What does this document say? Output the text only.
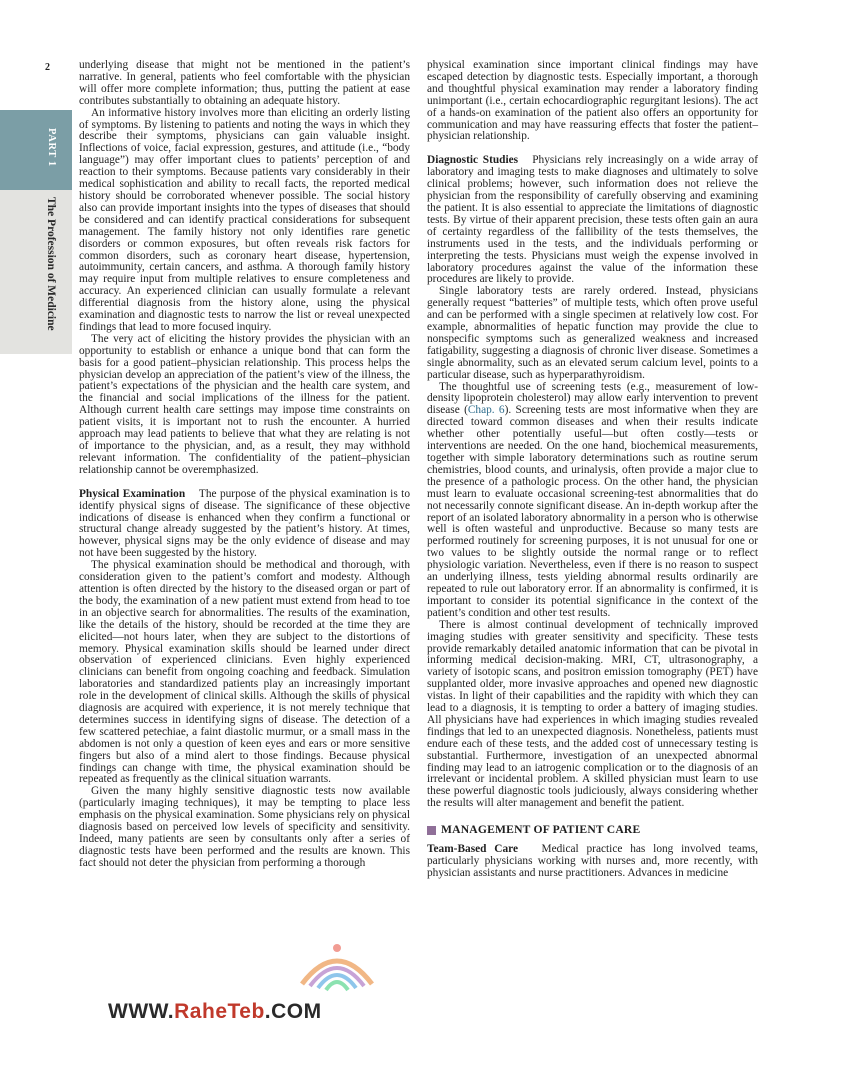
2
PART 1
The Profession of Medicine

underlying disease that might not be mentioned in the patient’s narrative. In general, patients who feel comfortable with the physician will offer more complete information; thus, putting the patient at ease contributes substantially to obtaining an adequate history.

An informative history involves more than eliciting an orderly listing of symptoms. By listening to patients and noting the ways in which they describe their symptoms, physicians can gain valuable insight. Inflections of voice, facial expression, gestures, and attitude (i.e., “body language”) may offer important clues to patients’ perception of and reaction to their symptoms. Because patients vary considerably in their medical sophistication and ability to recall facts, the reported medical history should be corroborated whenever possible. The social history also can provide important insights into the types of diseases that should be considered and can identify practical considerations for subsequent management. The family history not only identifies rare genetic disorders or common exposures, but often reveals risk factors for common disorders, such as coronary heart disease, hypertension, autoimmunity, certain cancers, and asthma. A thorough family history may require input from multiple relatives to ensure completeness and accuracy. An experienced clinician can usually formulate a relevant differential diagnosis from the history alone, using the physical examination and diagnostic tests to narrow the list or reveal unexpected findings that lead to more focused inquiry.

The very act of eliciting the history provides the physician with an opportunity to establish or enhance a unique bond that can form the basis for a good patient–physician relationship. This process helps the physician develop an appreciation of the patient’s view of the illness, the patient’s expectations of the physician and the health care system, and the financial and social implications of the illness for the patient. Although current health care settings may impose time constraints on patient visits, it is important not to rush the encounter. A hurried approach may lead patients to believe that what they are relating is not of importance to the physician, and, as a result, they may withhold relevant information. The confidentiality of the patient–physician relationship cannot be overemphasized.

Physical Examination The purpose of the physical examination is to identify physical signs of disease. The significance of these objective indications of disease is enhanced when they confirm a functional or structural change already suggested by the patient’s history. At times, however, physical signs may be the only evidence of disease and may not have been suggested by the history.

The physical examination should be methodical and thorough, with consideration given to the patient’s comfort and modesty. Although attention is often directed by the history to the diseased organ or part of the body, the examination of a new patient must extend from head to toe in an objective search for abnormalities. The results of the examination, like the details of the history, should be recorded at the time they are elicited—not hours later, when they are subject to the distortions of memory. Physical examination skills should be learned under direct observation of experienced clinicians. Even highly experienced clinicians can benefit from ongoing coaching and feedback. Simulation laboratories and standardized patients play an increasingly important role in the development of clinical skills. Although the skills of physical diagnosis are acquired with experience, it is not merely technique that determines success in identifying signs of disease. The detection of a few scattered petechiae, a faint diastolic murmur, or a small mass in the abdomen is not only a question of keen eyes and ears or more sensitive fingers but also of a mind alert to those findings. Because physical findings can change with time, the physical examination should be repeated as frequently as the clinical situation warrants.

Given the many highly sensitive diagnostic tests now available (particularly imaging techniques), it may be tempting to place less emphasis on the physical examination. Some physicians rely on physical diagnosis based on perceived low levels of specificity and sensitivity. Indeed, many patients are seen by consultants only after a series of diagnostic tests have been performed and the results are known. This fact should not deter the physician from performing a thorough

physical examination since important clinical findings may have escaped detection by diagnostic tests. Especially important, a thorough and thoughtful physical examination may render a laboratory finding unimportant (i.e., certain echocardiographic regurgitant lesions). The act of a hands-on examination of the patient also offers an opportunity for communication and may have reassuring effects that foster the patient–physician relationship.

Diagnostic Studies Physicians rely increasingly on a wide array of laboratory and imaging tests to make diagnoses and ultimately to solve clinical problems; however, such information does not relieve the physician from the responsibility of carefully observing and examining the patient. It is also essential to appreciate the limitations of diagnostic tests. By virtue of their apparent precision, these tests often gain an aura of certainty regardless of the fallibility of the tests themselves, the instruments used in the tests, and the individuals performing or interpreting the tests. Physicians must weigh the expense involved in laboratory procedures against the value of the information these procedures are likely to provide.

Single laboratory tests are rarely ordered. Instead, physicians generally request “batteries” of multiple tests, which often prove useful and can be performed with a single specimen at relatively low cost. For example, abnormalities of hepatic function may provide the clue to nonspecific symptoms such as generalized weakness and increased fatigability, suggesting a diagnosis of chronic liver disease. Sometimes a single abnormality, such as an elevated serum calcium level, points to a particular disease, such as hyperparathyroidism.

The thoughtful use of screening tests (e.g., measurement of low-density lipoprotein cholesterol) may allow early intervention to prevent disease (Chap. 6). Screening tests are most informative when they are directed toward common diseases and when their results indicate whether other potentially useful—but often costly—tests or interventions are needed. On the one hand, biochemical measurements, together with simple laboratory determinations such as routine serum chemistries, blood counts, and urinalysis, often provide a major clue to the presence of a pathologic process. On the other hand, the physician must learn to evaluate occasional screening-test abnormalities that do not necessarily connote significant disease. An in-depth workup after the report of an isolated laboratory abnormality in a person who is otherwise well is often wasteful and unproductive. Because so many tests are performed routinely for screening purposes, it is not unusual for one or two values to be slightly outside the normal range or to reflect physiologic variation. Nevertheless, even if there is no reason to suspect an underlying illness, tests yielding abnormal results ordinarily are repeated to rule out laboratory error. If an abnormality is confirmed, it is important to consider its potential significance in the context of the patient’s condition and other test results.

There is almost continual development of technically improved imaging studies with greater sensitivity and specificity. These tests provide remarkably detailed anatomic information that can be pivotal in informing medical decision-making. MRI, CT, ultrasonography, a variety of isotopic scans, and positron emission tomography (PET) have supplanted older, more invasive approaches and opened new diagnostic vistas. In light of their capabilities and the rapidity with which they can lead to a diagnosis, it is tempting to order a battery of imaging studies. All physicians have had experiences in which imaging studies revealed findings that led to an unexpected diagnosis. Nonetheless, patients must endure each of these tests, and the added cost of unnecessary testing is substantial. Furthermore, investigation of an unexpected abnormal finding may lead to an iatrogenic complication or to the diagnosis of an irrelevant or incidental problem. A skilled physician must learn to use these powerful diagnostic tools judiciously, always considering whether the results will alter management and benefit the patient.

MANAGEMENT OF PATIENT CARE

Team-Based Care Medical practice has long involved teams, particularly physicians working with nurses and, more recently, with physician assistants and nurse practitioners. Advances in medicine

WWW.RaheTeb.COM
